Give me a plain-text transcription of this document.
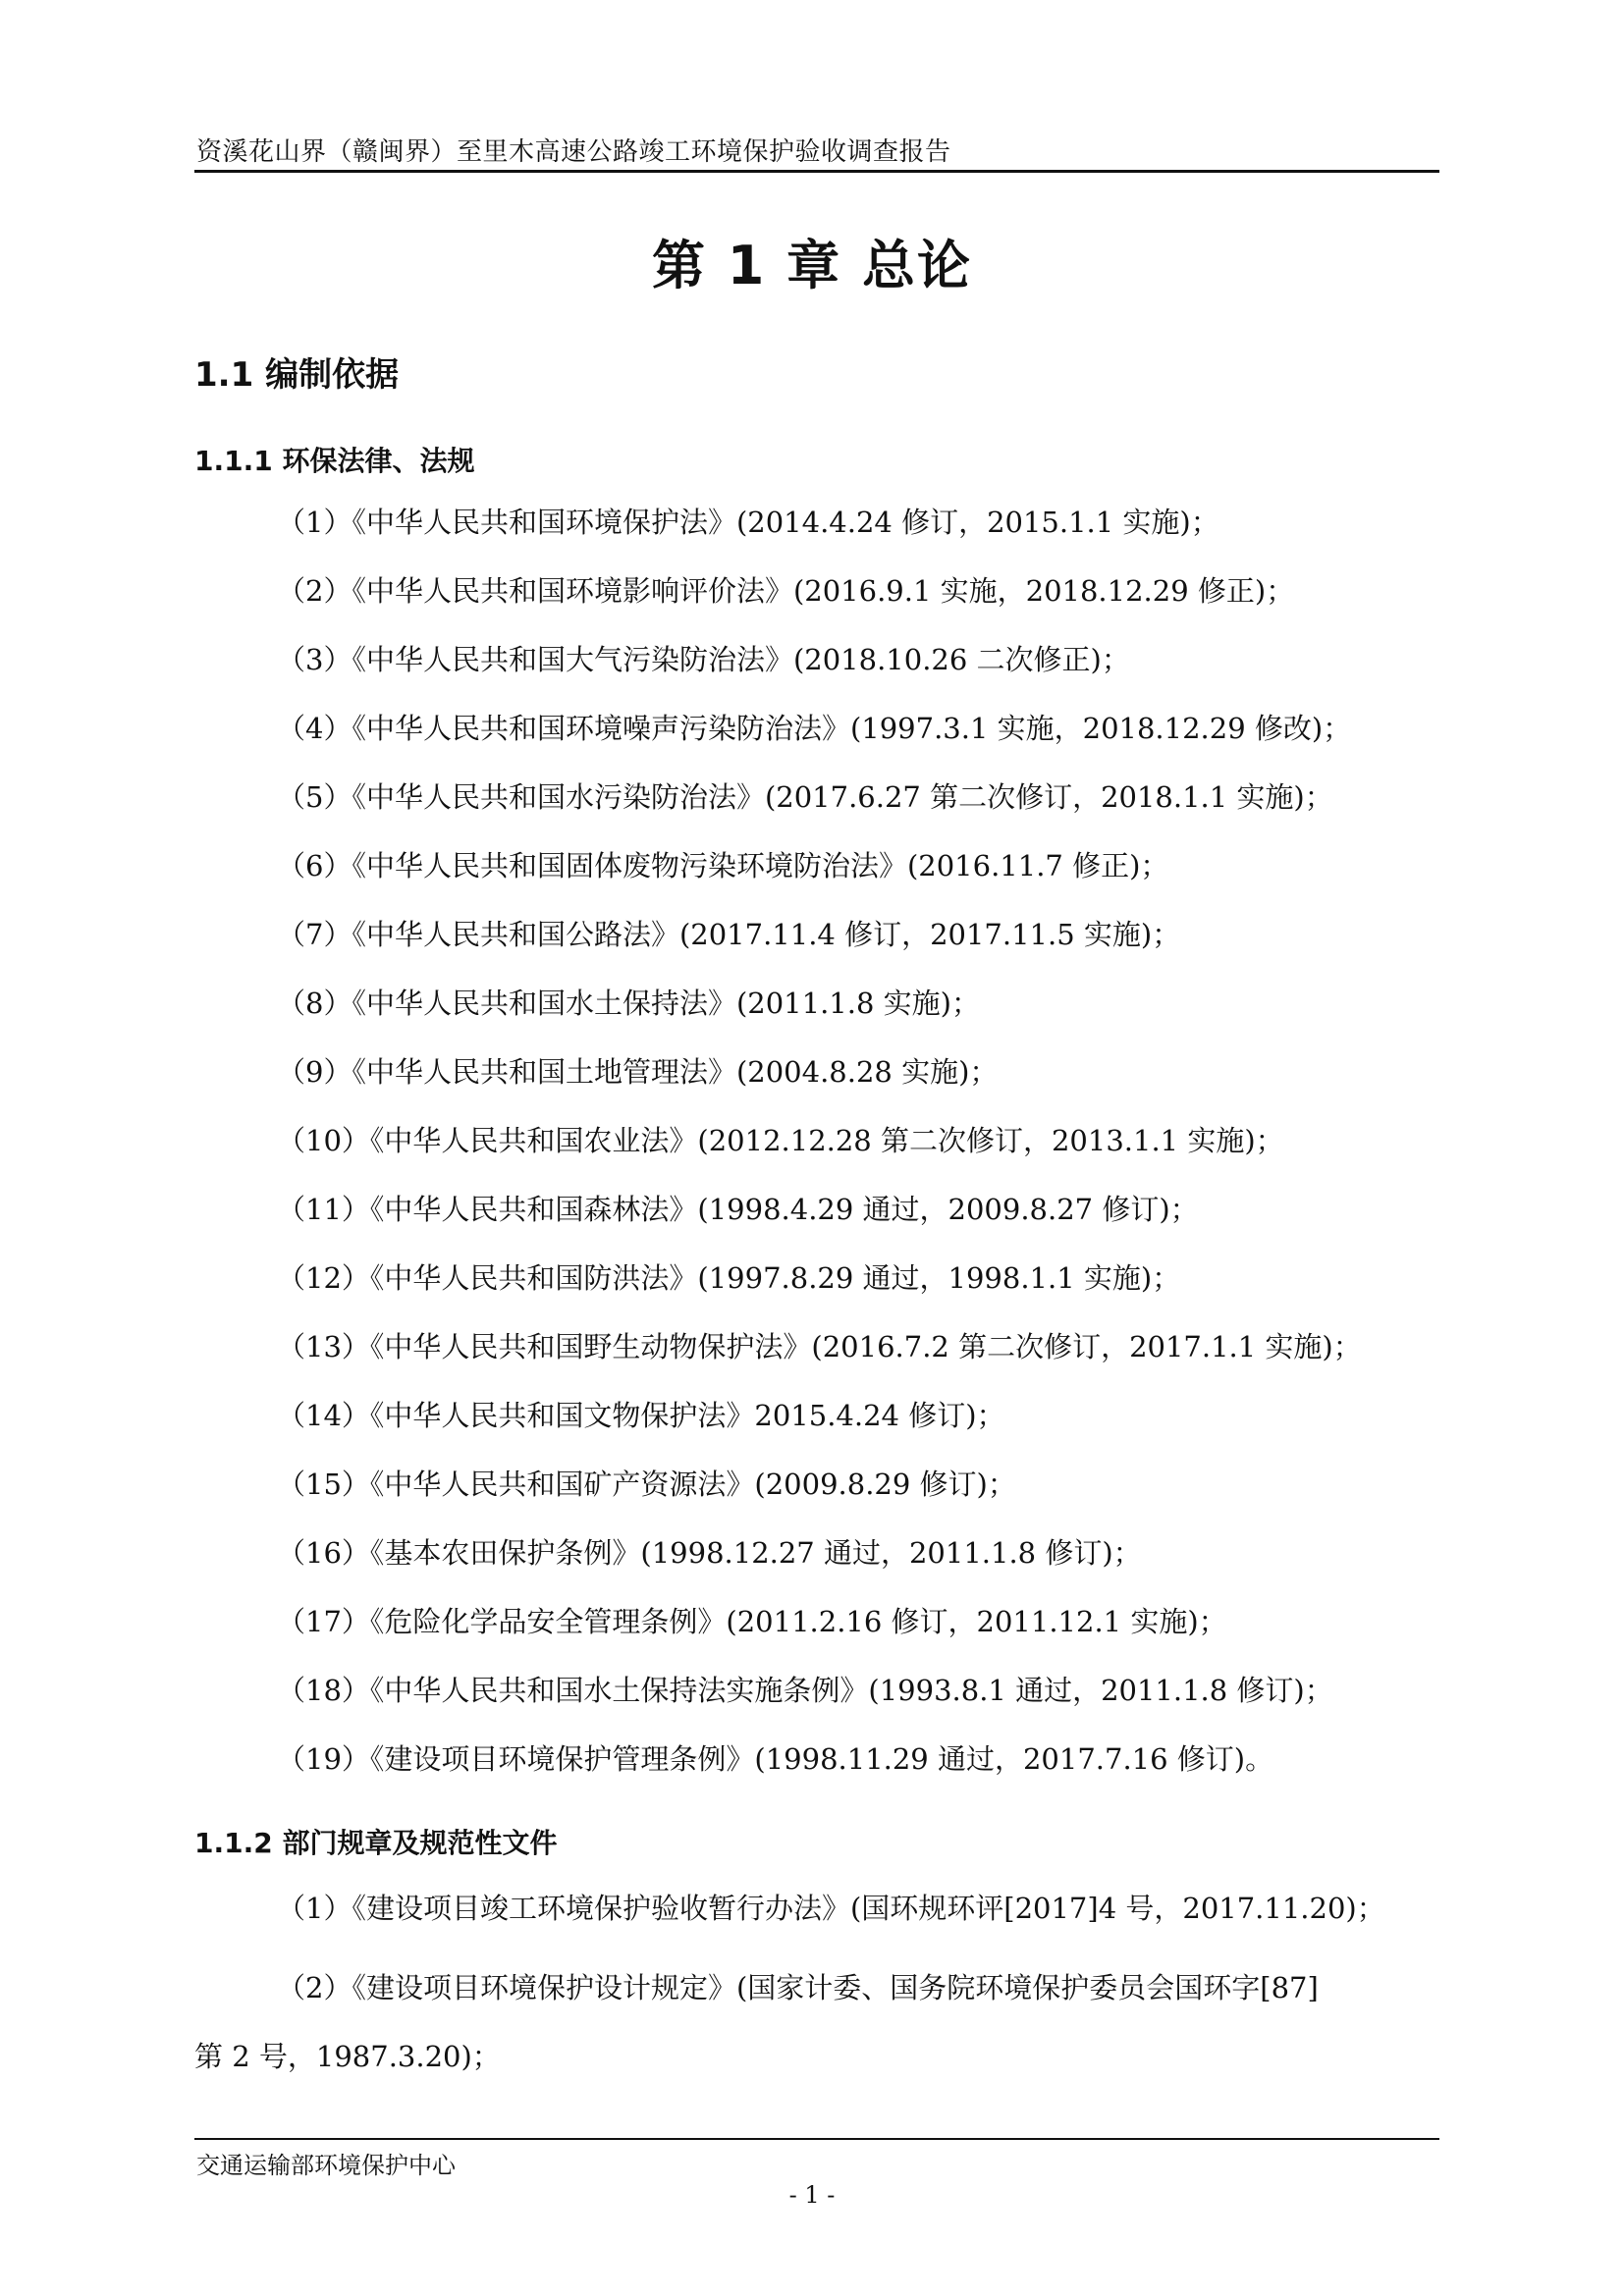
资溪花山界（赣闽界）至里木高速公路竣工环境保护验收调查报告
第 1 章 总论
1.1 编制依据
1.1.1 环保法律、法规
（1）《中华人民共和国环境保护法》(2014.4.24 修订，2015.1.1 实施)；
（2）《中华人民共和国环境影响评价法》(2016.9.1 实施，2018.12.29 修正)；
（3）《中华人民共和国大气污染防治法》(2018.10.26 二次修正)；
（4）《中华人民共和国环境噪声污染防治法》(1997.3.1 实施，2018.12.29 修改)；
（5）《中华人民共和国水污染防治法》(2017.6.27 第二次修订，2018.1.1 实施)；
（6）《中华人民共和国固体废物污染环境防治法》(2016.11.7 修正)；
（7）《中华人民共和国公路法》(2017.11.4 修订，2017.11.5 实施)；
（8）《中华人民共和国水土保持法》(2011.1.8 实施)；
（9）《中华人民共和国土地管理法》(2004.8.28 实施)；
（10）《中华人民共和国农业法》(2012.12.28 第二次修订，2013.1.1 实施)；
（11）《中华人民共和国森林法》(1998.4.29 通过，2009.8.27 修订)；
（12）《中华人民共和国防洪法》(1997.8.29 通过，1998.1.1 实施)；
（13）《中华人民共和国野生动物保护法》(2016.7.2 第二次修订，2017.1.1 实施)；
（14）《中华人民共和国文物保护法》2015.4.24 修订)；
（15）《中华人民共和国矿产资源法》(2009.8.29 修订)；
（16）《基本农田保护条例》(1998.12.27 通过，2011.1.8 修订)；
（17）《危险化学品安全管理条例》(2011.2.16 修订，2011.12.1 实施)；
（18）《中华人民共和国水土保持法实施条例》(1993.8.1 通过，2011.1.8 修订)；
（19）《建设项目环境保护管理条例》(1998.11.29 通过，2017.7.16 修订)。
1.1.2 部门规章及规范性文件
（1）《建设项目竣工环境保护验收暂行办法》(国环规环评[2017]4 号，2017.11.20)；
（2）《建设项目环境保护设计规定》(国家计委、国务院环境保护委员会国环字[87]
第 2 号，1987.3.20)；
交通运输部环境保护中心
- 1 -
